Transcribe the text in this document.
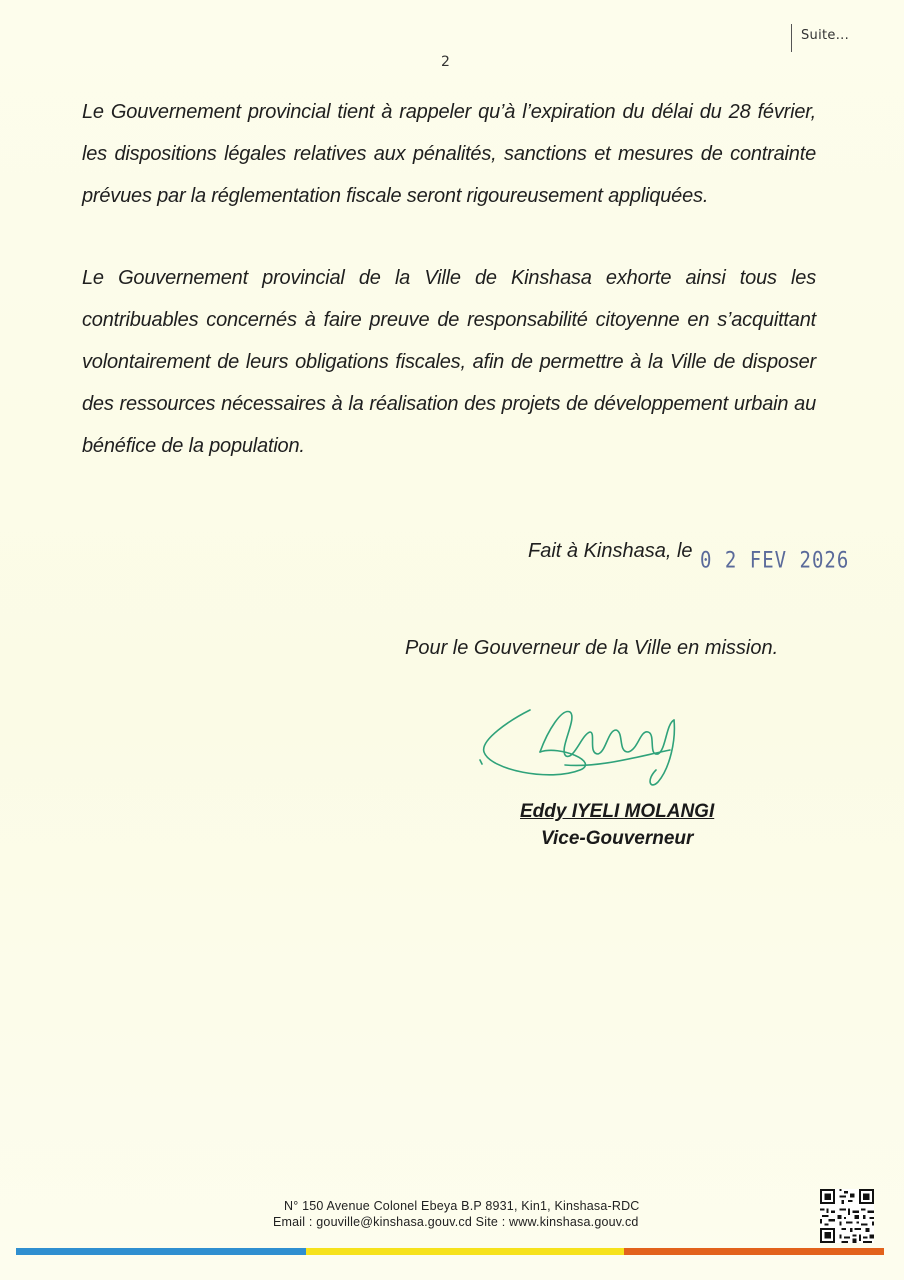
Suite...
2
Le Gouvernement provincial tient à rappeler qu’à l’expiration du délai du 28 février, les dispositions légales relatives aux pénalités, sanctions et mesures de contrainte prévues par la réglementation fiscale seront rigoureusement appliquées.
Le Gouvernement provincial de la Ville de Kinshasa exhorte ainsi tous les contribuables concernés à faire preuve de responsabilité citoyenne en s’acquittant volontairement de leurs obligations fiscales, afin de permettre à la Ville de disposer des ressources nécessaires à la réalisation des projets de développement urbain au bénéfice de la population.
Fait à Kinshasa, le 0 2 FEV 2026
Pour le Gouverneur de la Ville en mission.
Eddy IYELI MOLANGI
Vice-Gouverneur
N° 150 Avenue Colonel Ebeya B.P 8931, Kin1, Kinshasa-RDC
Email : gouville@kinshasa.gouv.cd Site : www.kinshasa.gouv.cd
